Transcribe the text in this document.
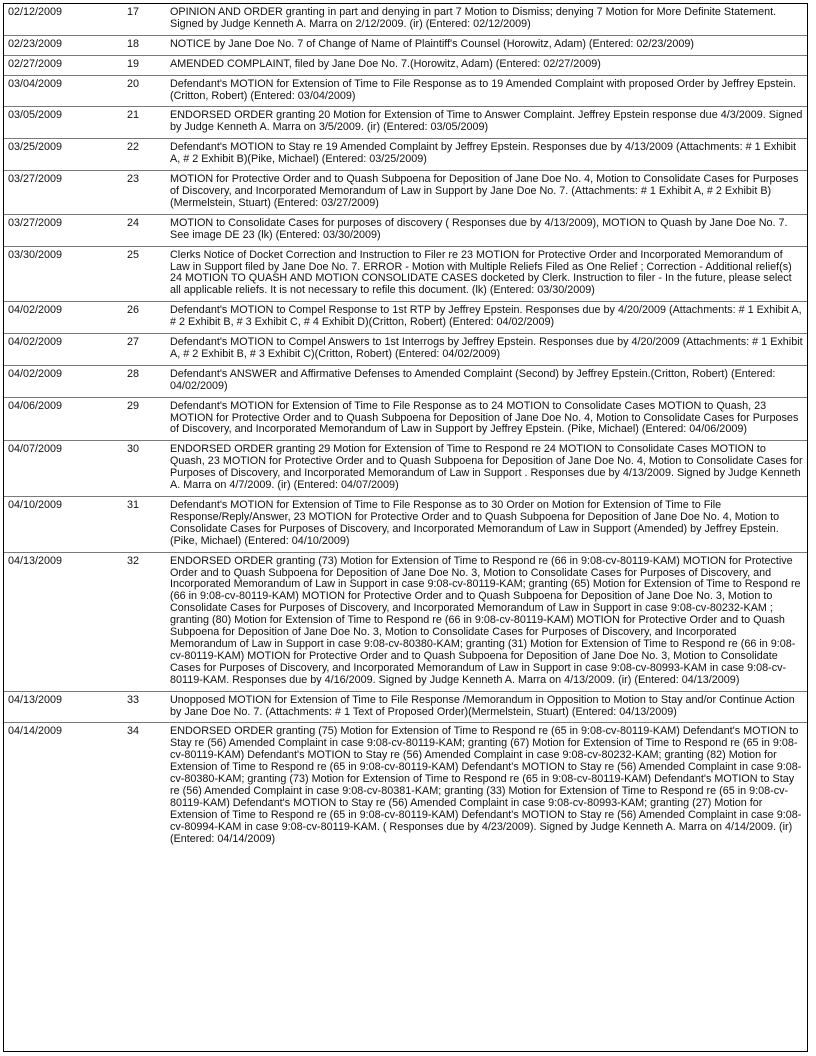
02/12/2009	17	OPINION AND ORDER granting in part and denying in part 7 Motion to Dismiss; denying 7 Motion for More Definite Statement. Signed by Judge Kenneth A. Marra on 2/12/2009. (ir) (Entered: 02/12/2009)
02/23/2009	18	NOTICE by Jane Doe No. 7 of Change of Name of Plaintiff's Counsel (Horowitz, Adam) (Entered: 02/23/2009)
02/27/2009	19	AMENDED COMPLAINT, filed by Jane Doe No. 7.(Horowitz, Adam) (Entered: 02/27/2009)
03/04/2009	20	Defendant's MOTION for Extension of Time to File Response as to 19 Amended Complaint with proposed Order by Jeffrey Epstein. (Critton, Robert) (Entered: 03/04/2009)
03/05/2009	21	ENDORSED ORDER granting 20 Motion for Extension of Time to Answer Complaint. Jeffrey Epstein response due 4/3/2009. Signed by Judge Kenneth A. Marra on 3/5/2009. (ir) (Entered: 03/05/2009)
03/25/2009	22	Defendant's MOTION to Stay re 19 Amended Complaint by Jeffrey Epstein. Responses due by 4/13/2009 (Attachments: # 1 Exhibit A, # 2 Exhibit B)(Pike, Michael) (Entered: 03/25/2009)
03/27/2009	23	MOTION for Protective Order and to Quash Subpoena for Deposition of Jane Doe No. 4, Motion to Consolidate Cases for Purposes of Discovery, and Incorporated Memorandum of Law in Support by Jane Doe No. 7. (Attachments: # 1 Exhibit A, # 2 Exhibit B)(Mermelstein, Stuart) (Entered: 03/27/2009)
03/27/2009	24	MOTION to Consolidate Cases for purposes of discovery ( Responses due by 4/13/2009), MOTION to Quash by Jane Doe No. 7. See image DE 23 (lk) (Entered: 03/30/2009)
03/30/2009	25	Clerks Notice of Docket Correction and Instruction to Filer re 23 MOTION for Protective Order and Incorporated Memorandum of Law in Support filed by Jane Doe No. 7. ERROR - Motion with Multiple Reliefs Filed as One Relief ; Correction - Additional relief(s) 24 MOTION TO QUASH AND MOTION CONSOLIDATE CASES docketed by Clerk. Instruction to filer - In the future, please select all applicable reliefs. It is not necessary to refile this document. (lk) (Entered: 03/30/2009)
04/02/2009	26	Defendant's MOTION to Compel Response to 1st RTP by Jeffrey Epstein. Responses due by 4/20/2009 (Attachments: # 1 Exhibit A, # 2 Exhibit B, # 3 Exhibit C, # 4 Exhibit D)(Critton, Robert) (Entered: 04/02/2009)
04/02/2009	27	Defendant's MOTION to Compel Answers to 1st Interrogs by Jeffrey Epstein. Responses due by 4/20/2009 (Attachments: # 1 Exhibit A, # 2 Exhibit B, # 3 Exhibit C)(Critton, Robert) (Entered: 04/02/2009)
04/02/2009	28	Defendant's ANSWER and Affirmative Defenses to Amended Complaint (Second) by Jeffrey Epstein.(Critton, Robert) (Entered: 04/02/2009)
04/06/2009	29	Defendant's MOTION for Extension of Time to File Response as to 24 MOTION to Consolidate Cases MOTION to Quash, 23 MOTION for Protective Order and to Quash Subpoena for Deposition of Jane Doe No. 4, Motion to Consolidate Cases for Purposes of Discovery, and Incorporated Memorandum of Law in Support by Jeffrey Epstein. (Pike, Michael) (Entered: 04/06/2009)
04/07/2009	30	ENDORSED ORDER granting 29 Motion for Extension of Time to Respond re 24 MOTION to Consolidate Cases MOTION to Quash, 23 MOTION for Protective Order and to Quash Subpoena for Deposition of Jane Doe No. 4, Motion to Consolidate Cases for Purposes of Discovery, and Incorporated Memorandum of Law in Support . Responses due by 4/13/2009. Signed by Judge Kenneth A. Marra on 4/7/2009. (ir) (Entered: 04/07/2009)
04/10/2009	31	Defendant's MOTION for Extension of Time to File Response as to 30 Order on Motion for Extension of Time to File Response/Reply/Answer, 23 MOTION for Protective Order and to Quash Subpoena for Deposition of Jane Doe No. 4, Motion to Consolidate Cases for Purposes of Discovery, and Incorporated Memorandum of Law in Support (Amended) by Jeffrey Epstein. (Pike, Michael) (Entered: 04/10/2009)
04/13/2009	32	ENDORSED ORDER granting (73) Motion for Extension of Time to Respond re (66 in 9:08-cv-80119-KAM) MOTION for Protective Order and to Quash Subpoena for Deposition of Jane Doe No. 3, Motion to Consolidate Cases for Purposes of Discovery, and Incorporated Memorandum of Law in Support in case 9:08-cv-80119-KAM; granting (65) Motion for Extension of Time to Respond re (66 in 9:08-cv-80119-KAM) MOTION for Protective Order and to Quash Subpoena for Deposition of Jane Doe No. 3, Motion to Consolidate Cases for Purposes of Discovery, and Incorporated Memorandum of Law in Support in case 9:08-cv-80232-KAM ; granting (80) Motion for Extension of Time to Respond re (66 in 9:08-cv-80119-KAM) MOTION for Protective Order and to Quash Subpoena for Deposition of Jane Doe No. 3, Motion to Consolidate Cases for Purposes of Discovery, and Incorporated Memorandum of Law in Support in case 9:08-cv-80380-KAM; granting (31) Motion for Extension of Time to Respond re (66 in 9:08-cv-80119-KAM) MOTION for Protective Order and to Quash Subpoena for Deposition of Jane Doe No. 3, Motion to Consolidate Cases for Purposes of Discovery, and Incorporated Memorandum of Law in Support in case 9:08-cv-80993-KAM in case 9:08-cv-80119-KAM. Responses due by 4/16/2009. Signed by Judge Kenneth A. Marra on 4/13/2009. (ir) (Entered: 04/13/2009)
04/13/2009	33	Unopposed MOTION for Extension of Time to File Response /Memorandum in Opposition to Motion to Stay and/or Continue Action by Jane Doe No. 7. (Attachments: # 1 Text of Proposed Order)(Mermelstein, Stuart) (Entered: 04/13/2009)
04/14/2009	34	ENDORSED ORDER granting (75) Motion for Extension of Time to Respond re (65 in 9:08-cv-80119-KAM) Defendant's MOTION to Stay re (56) Amended Complaint in case 9:08-cv-80119-KAM; granting (67) Motion for Extension of Time to Respond re (65 in 9:08-cv-80119-KAM) Defendant's MOTION to Stay re (56) Amended Complaint in case 9:08-cv-80232-KAM; granting (82) Motion for Extension of Time to Respond re (65 in 9:08-cv-80119-KAM) Defendant's MOTION to Stay re (56) Amended Complaint in case 9:08-cv-80380-KAM; granting (73) Motion for Extension of Time to Respond re (65 in 9:08-cv-80119-KAM) Defendant's MOTION to Stay re (56) Amended Complaint in case 9:08-cv-80381-KAM; granting (33) Motion for Extension of Time to Respond re (65 in 9:08-cv-80119-KAM) Defendant's MOTION to Stay re (56) Amended Complaint in case 9:08-cv-80993-KAM; granting (27) Motion for Extension of Time to Respond re (65 in 9:08-cv-80119-KAM) Defendant's MOTION to Stay re (56) Amended Complaint in case 9:08-cv-80994-KAM in case 9:08-cv-80119-KAM. ( Responses due by 4/23/2009). Signed by Judge Kenneth A. Marra on 4/14/2009. (ir) (Entered: 04/14/2009)
